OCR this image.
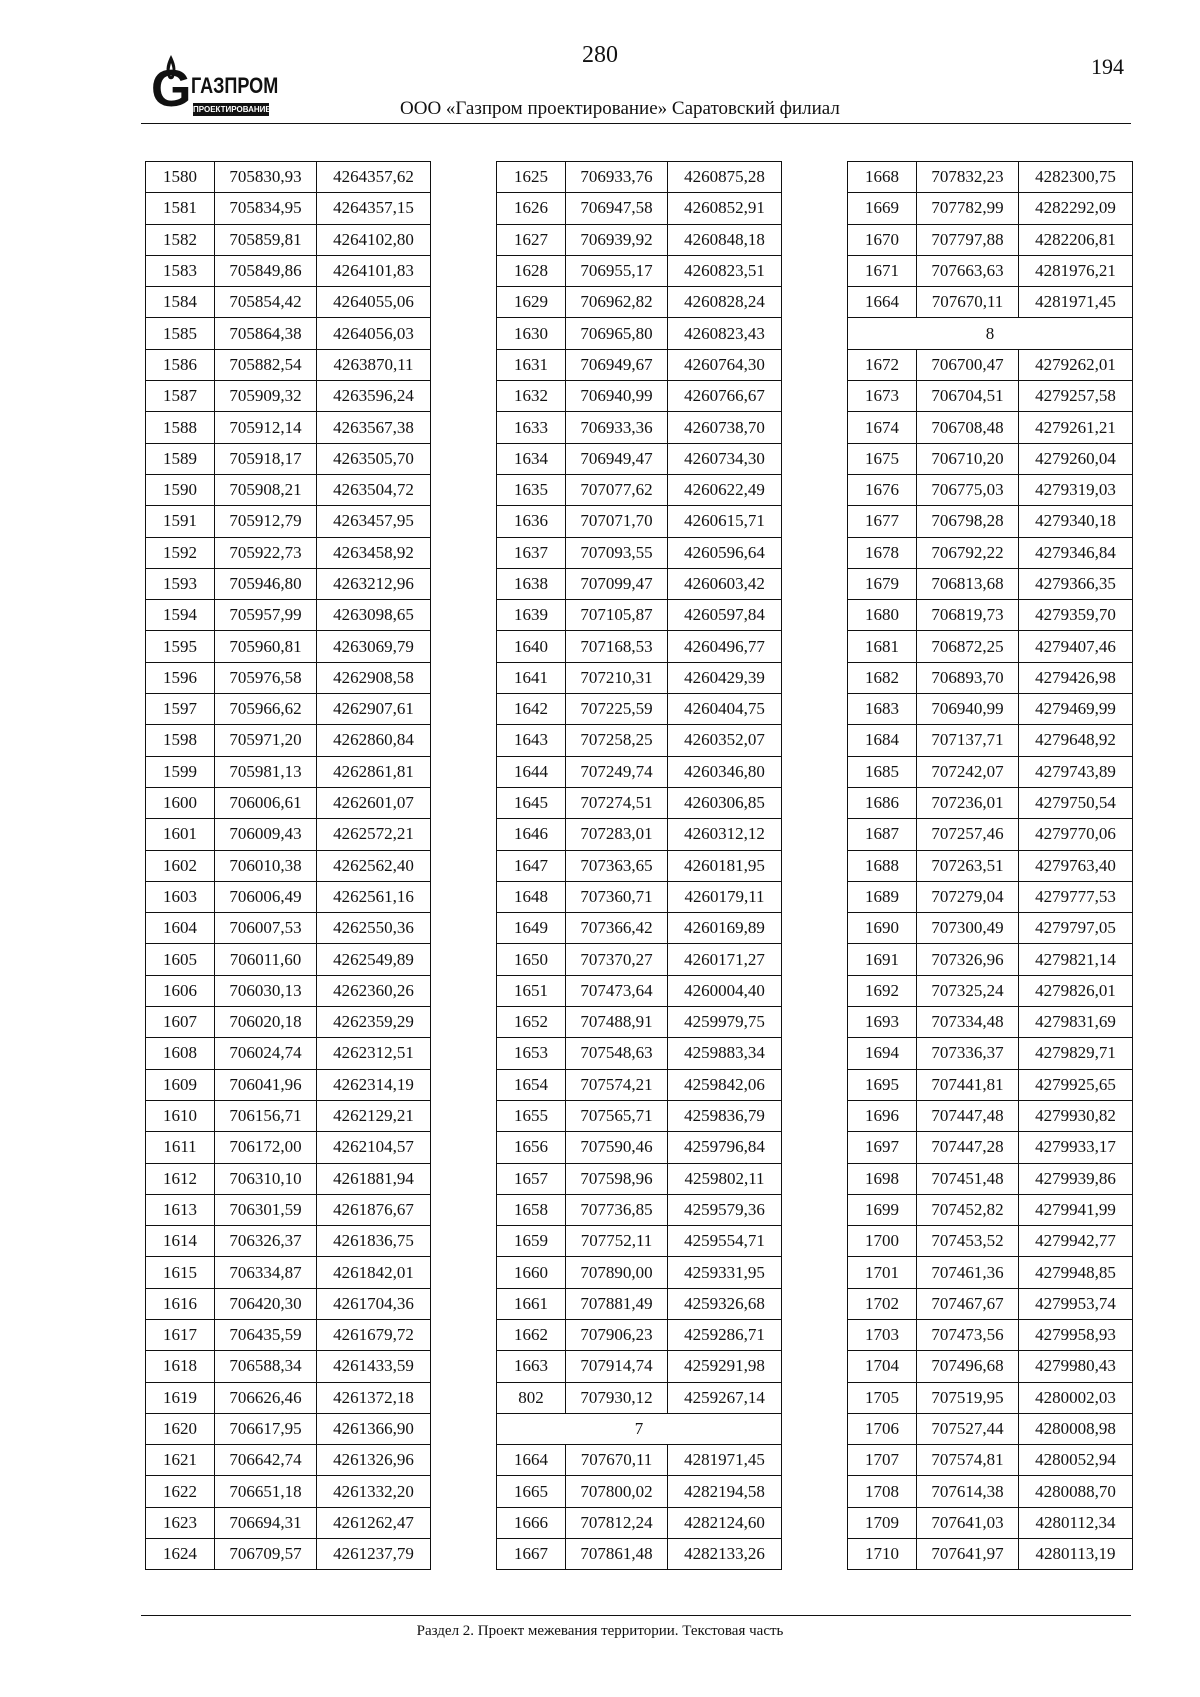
G ГАЗПРОМ
ПРОЕКТИРОВАНИЕ
280	194
ООО «Газпром проектирование» Саратовский филиал
1580	705830,93	4264357,62
1581	705834,95	4264357,15
1582	705859,81	4264102,80
1583	705849,86	4264101,83
1584	705854,42	4264055,06
1585	705864,38	4264056,03
1586	705882,54	4263870,11
1587	705909,32	4263596,24
1588	705912,14	4263567,38
1589	705918,17	4263505,70
1590	705908,21	4263504,72
1591	705912,79	4263457,95
1592	705922,73	4263458,92
1593	705946,80	4263212,96
1594	705957,99	4263098,65
1595	705960,81	4263069,79
1596	705976,58	4262908,58
1597	705966,62	4262907,61
1598	705971,20	4262860,84
1599	705981,13	4262861,81
1600	706006,61	4262601,07
1601	706009,43	4262572,21
1602	706010,38	4262562,40
1603	706006,49	4262561,16
1604	706007,53	4262550,36
1605	706011,60	4262549,89
1606	706030,13	4262360,26
1607	706020,18	4262359,29
1608	706024,74	4262312,51
1609	706041,96	4262314,19
1610	706156,71	4262129,21
1611	706172,00	4262104,57
1612	706310,10	4261881,94
1613	706301,59	4261876,67
1614	706326,37	4261836,75
1615	706334,87	4261842,01
1616	706420,30	4261704,36
1617	706435,59	4261679,72
1618	706588,34	4261433,59
1619	706626,46	4261372,18
1620	706617,95	4261366,90
1621	706642,74	4261326,96
1622	706651,18	4261332,20
1623	706694,31	4261262,47
1624	706709,57	4261237,79
1625	706933,76	4260875,28
1626	706947,58	4260852,91
1627	706939,92	4260848,18
1628	706955,17	4260823,51
1629	706962,82	4260828,24
1630	706965,80	4260823,43
1631	706949,67	4260764,30
1632	706940,99	4260766,67
1633	706933,36	4260738,70
1634	706949,47	4260734,30
1635	707077,62	4260622,49
1636	707071,70	4260615,71
1637	707093,55	4260596,64
1638	707099,47	4260603,42
1639	707105,87	4260597,84
1640	707168,53	4260496,77
1641	707210,31	4260429,39
1642	707225,59	4260404,75
1643	707258,25	4260352,07
1644	707249,74	4260346,80
1645	707274,51	4260306,85
1646	707283,01	4260312,12
1647	707363,65	4260181,95
1648	707360,71	4260179,11
1649	707366,42	4260169,89
1650	707370,27	4260171,27
1651	707473,64	4260004,40
1652	707488,91	4259979,75
1653	707548,63	4259883,34
1654	707574,21	4259842,06
1655	707565,71	4259836,79
1656	707590,46	4259796,84
1657	707598,96	4259802,11
1658	707736,85	4259579,36
1659	707752,11	4259554,71
1660	707890,00	4259331,95
1661	707881,49	4259326,68
1662	707906,23	4259286,71
1663	707914,74	4259291,98
802	707930,12	4259267,14
7		
1664	707670,11	4281971,45
1665	707800,02	4282194,58
1666	707812,24	4282124,60
1667	707861,48	4282133,26
1668	707832,23	4282300,75
1669	707782,99	4282292,09
1670	707797,88	4282206,81
1671	707663,63	4281976,21
1664	707670,11	4281971,45
8		
1672	706700,47	4279262,01
1673	706704,51	4279257,58
1674	706708,48	4279261,21
1675	706710,20	4279260,04
1676	706775,03	4279319,03
1677	706798,28	4279340,18
1678	706792,22	4279346,84
1679	706813,68	4279366,35
1680	706819,73	4279359,70
1681	706872,25	4279407,46
1682	706893,70	4279426,98
1683	706940,99	4279469,99
1684	707137,71	4279648,92
1685	707242,07	4279743,89
1686	707236,01	4279750,54
1687	707257,46	4279770,06
1688	707263,51	4279763,40
1689	707279,04	4279777,53
1690	707300,49	4279797,05
1691	707326,96	4279821,14
1692	707325,24	4279826,01
1693	707334,48	4279831,69
1694	707336,37	4279829,71
1695	707441,81	4279925,65
1696	707447,48	4279930,82
1697	707447,28	4279933,17
1698	707451,48	4279939,86
1699	707452,82	4279941,99
1700	707453,52	4279942,77
1701	707461,36	4279948,85
1702	707467,67	4279953,74
1703	707473,56	4279958,93
1704	707496,68	4279980,43
1705	707519,95	4280002,03
1706	707527,44	4280008,98
1707	707574,81	4280052,94
1708	707614,38	4280088,70
1709	707641,03	4280112,34
1710	707641,97	4280113,19
Раздел 2. Проект межевания территории. Текстовая часть
